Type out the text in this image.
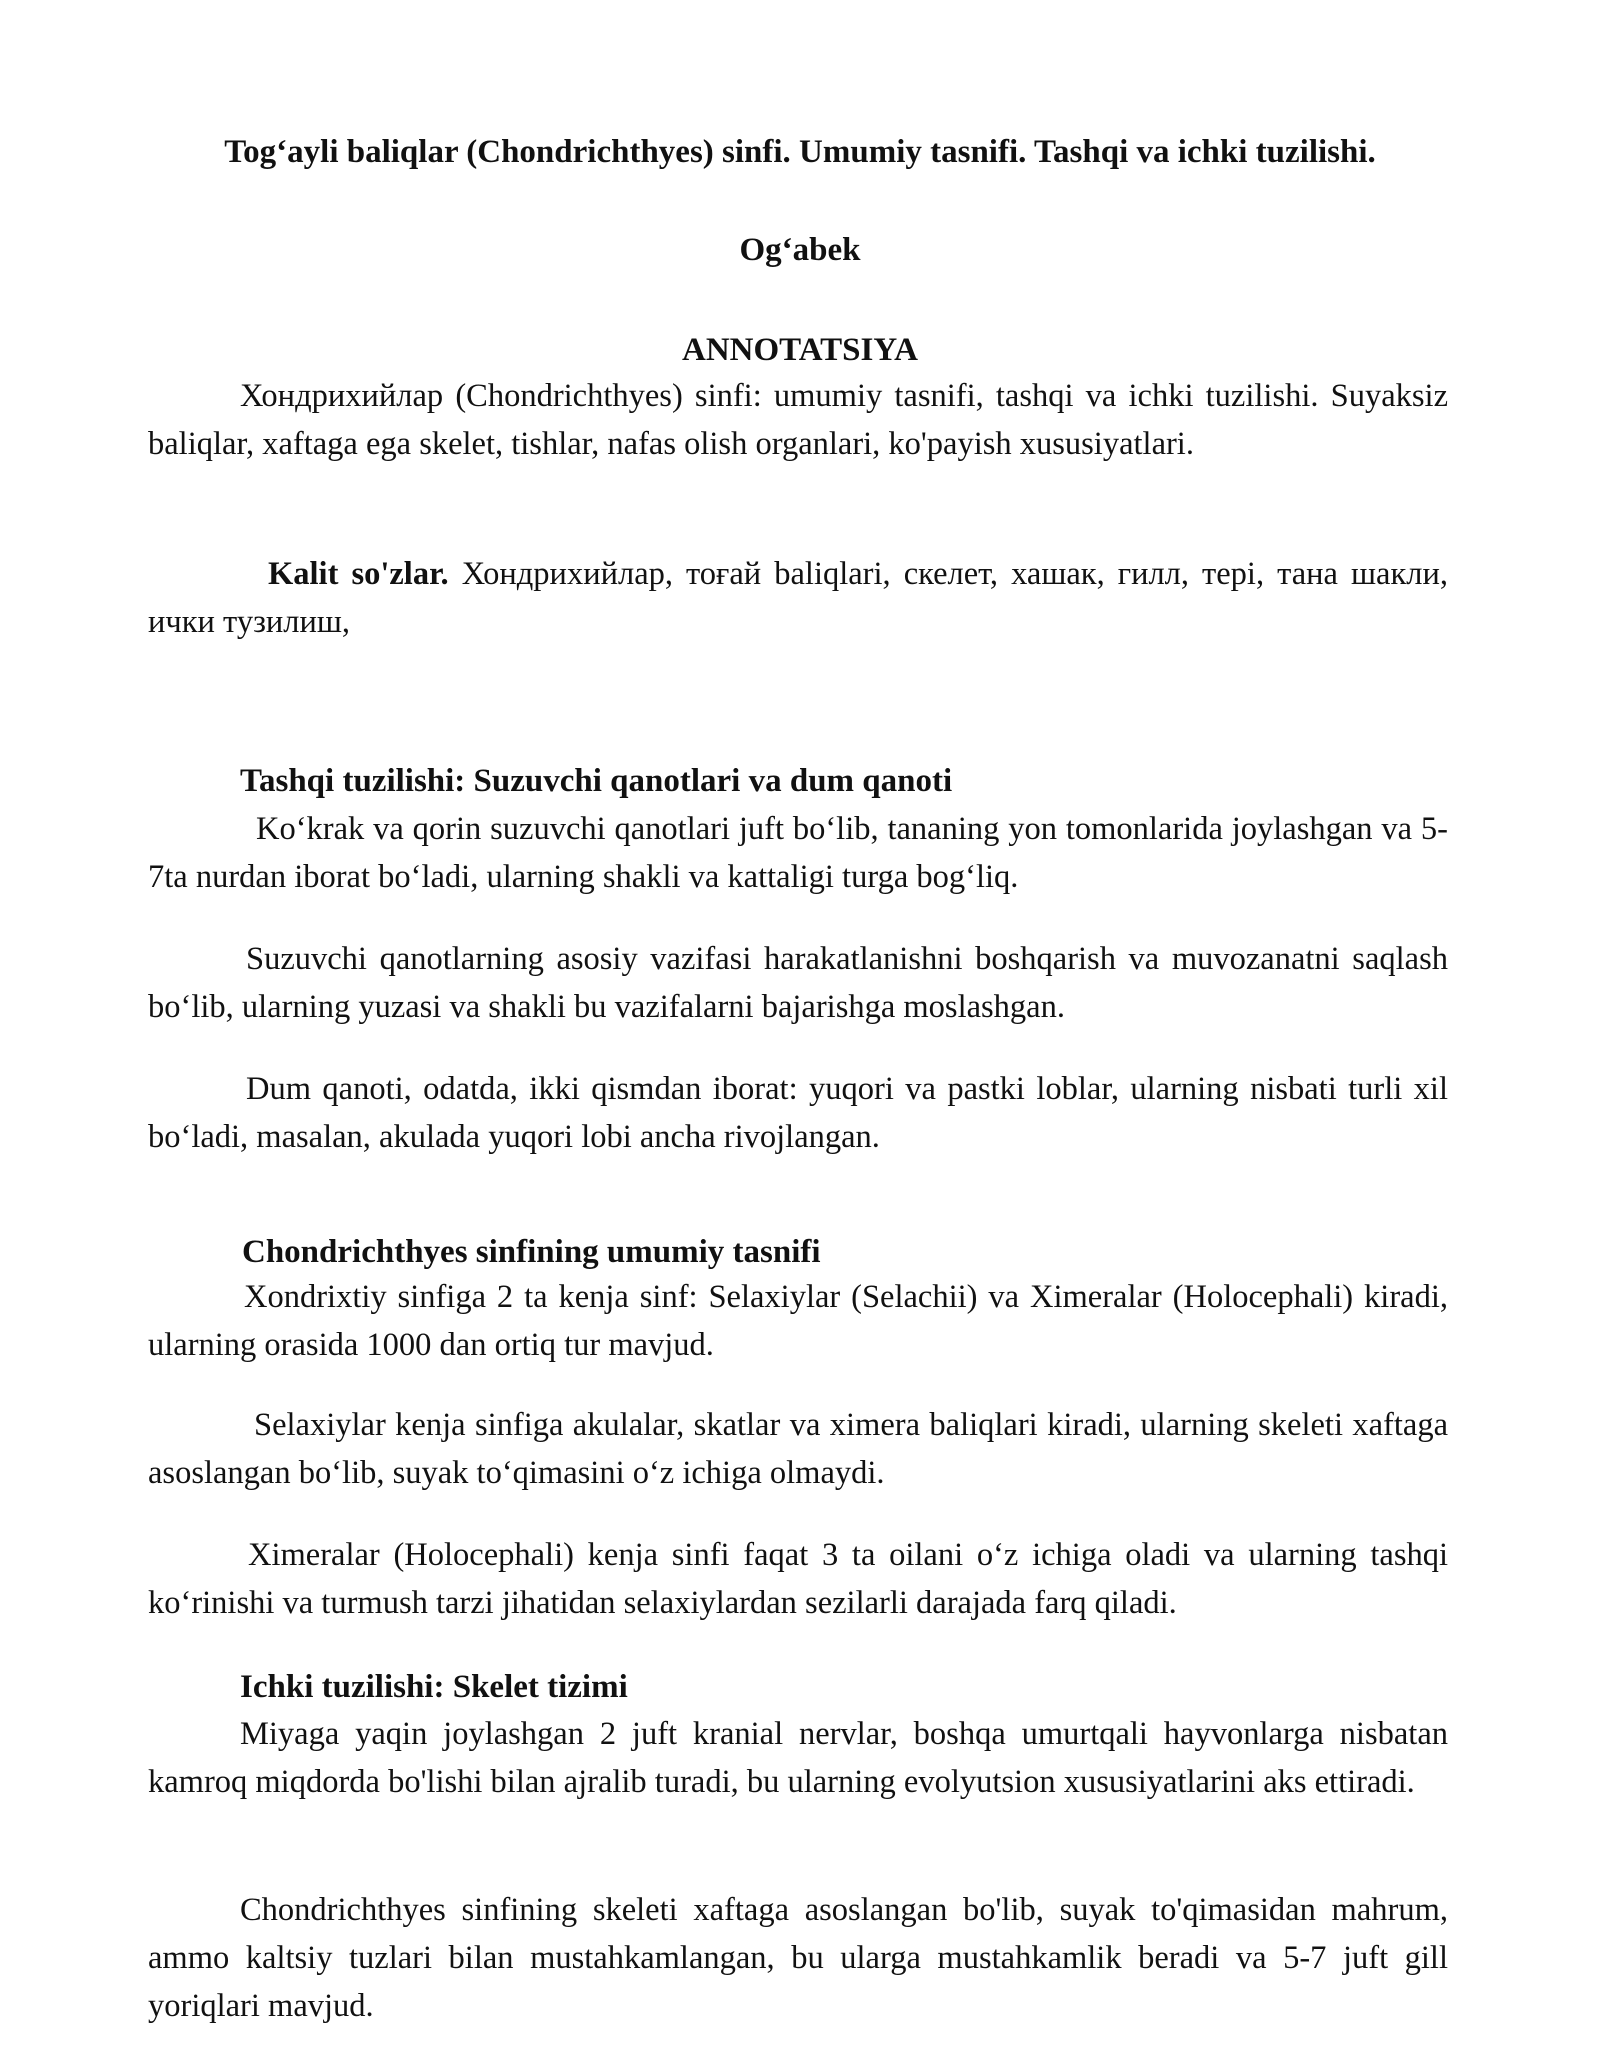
Tog‘ayli baliqlar (Chondrichthyes) sinfi. Umumiy tasnifi. Tashqi va ichki tuzilishi.
Og‘abek
ANNOTATSIYA
Хондрихийлар (Chondrichthyes) sinfi: umumiy tasnifi, tashqi va ichki tuzilishi. Suyaksiz baliqlar, xaftaga ega skelet, tishlar, nafas olish organlari, ko'payish xususiyatlari.
Kalit so'zlar. Хондрихийлар, тоғай baliqlari, скелет, хашак, гилл, тері, тана шакли, ички тузилиш,
Tashqi tuzilishi: Suzuvchi qanotlari va dum qanoti
Ko‘krak va qorin suzuvchi qanotlari juft bo‘lib, tananing yon tomonlarida joylashgan va 5-7ta nurdan iborat bo‘ladi, ularning shakli va kattaligi turga bog‘liq.
Suzuvchi qanotlarning asosiy vazifasi harakatlanishni boshqarish va muvozanatni saqlash bo‘lib, ularning yuzasi va shakli bu vazifalarni bajarishga moslashgan.
Dum qanoti, odatda, ikki qismdan iborat: yuqori va pastki loblar, ularning nisbati turli xil bo‘ladi, masalan, akulada yuqori lobi ancha rivojlangan.
Chondrichthyes sinfining umumiy tasnifi
Xondrixtiy sinfiga 2 ta kenja sinf: Selaxiylar (Selachii) va Ximeralar (Holocephali) kiradi, ularning orasida 1000 dan ortiq tur mavjud.
Selaxiylar kenja sinfiga akulalar, skatlar va ximera baliqlari kiradi, ularning skeleti xaftaga asoslangan bo‘lib, suyak to‘qimasini o‘z ichiga olmaydi.
Ximeralar (Holocephali) kenja sinfi faqat 3 ta oilani o‘z ichiga oladi va ularning tashqi ko‘rinishi va turmush tarzi jihatidan selaxiylardan sezilarli darajada farq qiladi.
Ichki tuzilishi: Skelet tizimi
Miyaga yaqin joylashgan 2 juft kranial nervlar, boshqa umurtqali hayvonlarga nisbatan kamroq miqdorda bo'lishi bilan ajralib turadi, bu ularning evolyutsion xususiyatlarini aks ettiradi.
Chondrichthyes sinfining skeleti xaftaga asoslangan bo'lib, suyak to'qimasidan mahrum, ammo kaltsiy tuzlari bilan mustahkamlangan, bu ularga mustahkamlik beradi va 5-7 juft gill yoriqlari mavjud.
